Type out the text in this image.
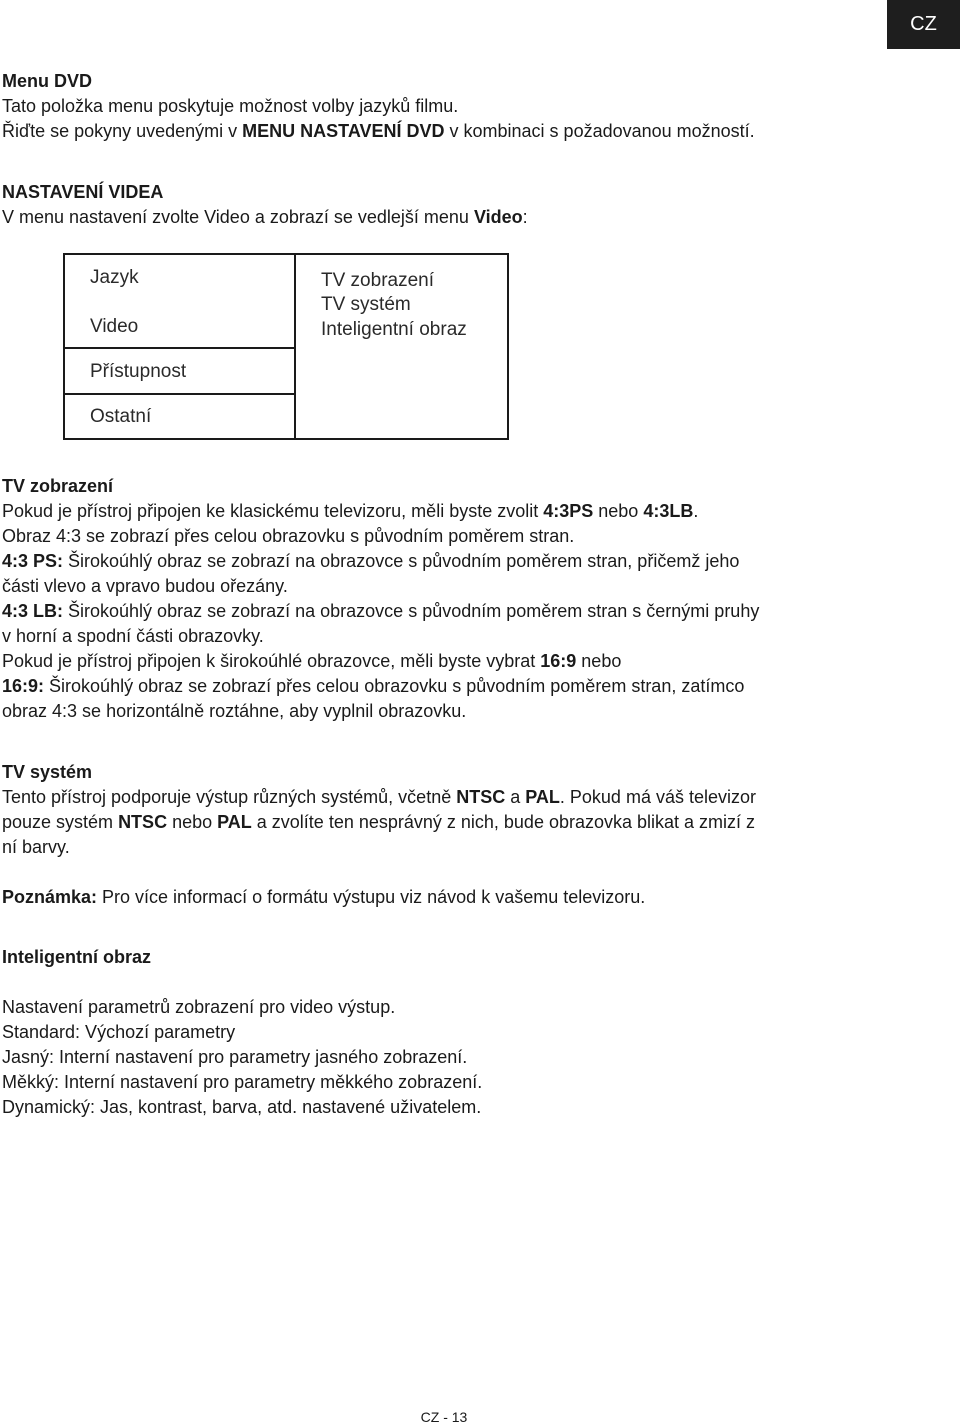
CZ
Menu DVD
Tato položka menu poskytuje možnost volby jazyků filmu.
Řiďte se pokyny uvedenými v MENU NASTAVENÍ DVD v kombinaci s požadovanou možností.
NASTAVENÍ VIDEA
V menu nastavení zvolte Video a zobrazí se vedlejší menu Video:
Jazyk
Video
Přístupnost
Ostatní
TV zobrazení
TV systém
Inteligentní obraz
TV zobrazení
Pokud je přístroj připojen ke klasickému televizoru, měli byste zvolit 4:3PS nebo 4:3LB.
Obraz 4:3 se zobrazí přes celou obrazovku s původním poměrem stran.
4:3 PS: Širokoúhlý obraz se zobrazí na obrazovce s původním poměrem stran, přičemž jeho
části vlevo a vpravo budou ořezány.
4:3 LB: Širokoúhlý obraz se zobrazí na obrazovce s původním poměrem stran s černými pruhy
v horní a spodní části obrazovky.
Pokud je přístroj připojen k širokoúhlé obrazovce, měli byste vybrat 16:9 nebo
16:9: Širokoúhlý obraz se zobrazí přes celou obrazovku s původním poměrem stran, zatímco
obraz 4:3 se horizontálně roztáhne, aby vyplnil obrazovku.
TV systém
Tento přístroj podporuje výstup různých systémů, včetně NTSC a PAL. Pokud má váš televizor
pouze systém NTSC nebo PAL a zvolíte ten nesprávný z nich, bude obrazovka blikat a zmizí z
ní barvy.
Poznámka: Pro více informací o formátu výstupu viz návod k vašemu televizoru.
Inteligentní obraz
Nastavení parametrů zobrazení pro video výstup.
Standard: Výchozí parametry
Jasný: Interní nastavení pro parametry jasného zobrazení.
Měkký: Interní nastavení pro parametry měkkého zobrazení.
Dynamický: Jas, kontrast, barva, atd. nastavené uživatelem.
CZ - 13
